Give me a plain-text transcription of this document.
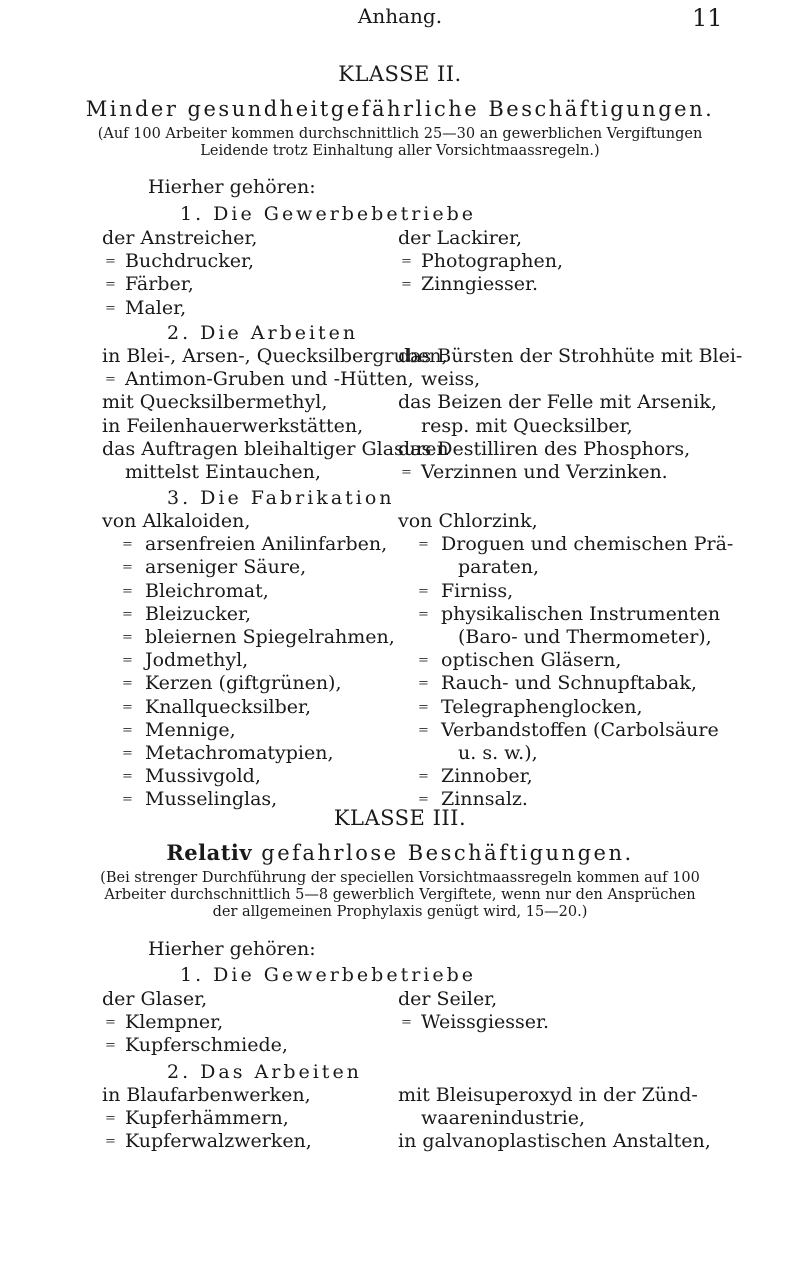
Anhang.	11
KLASSE II.
Minder gesundheitgefährliche Beschäftigungen.
(Auf 100 Arbeiter kommen durchschnittlich 25—30 an gewerblichen Vergiftungen
Leidende trotz Einhaltung aller Vorsichtmaassregeln.)
Hierher gehören:
1. Die Gewerbebetriebe
der Anstreicher,
= Buchdrucker,
= Färber,
= Maler,
der Lackirer,
= Photographen,
= Zinngiesser.
2. Die Arbeiten
in Blei-, Arsen-, Quecksilbergruben,
= Antimon-Gruben und -Hütten,
mit Quecksilbermethyl,
in Feilenhauerwerkstätten,
das Auftragen bleihaltiger Glasuren
mittelst Eintauchen,
das Bürsten der Strohhüte mit Blei-
weiss,
das Beizen der Felle mit Arsenik,
resp. mit Quecksilber,
das Destilliren des Phosphors,
= Verzinnen und Verzinken.
3. Die Fabrikation
von Alkaloiden,
= arsenfreien Anilinfarben,
= arseniger Säure,
= Bleichromat,
= Bleizucker,
= bleiernen Spiegelrahmen,
= Jodmethyl,
= Kerzen (giftgrünen),
= Knallquecksilber,
= Mennige,
= Metachromatypien,
= Mussivgold,
= Musselinglas,
von Chlorzink,
= Droguen und chemischen Prä-
paraten,
= Firniss,
= physikalischen Instrumenten
(Baro- und Thermometer),
= optischen Gläsern,
= Rauch- und Schnupftabak,
= Telegraphenglocken,
= Verbandstoffen (Carbolsäure
u. s. w.),
= Zinnober,
= Zinnsalz.
KLASSE III.
Relativ gefahrlose Beschäftigungen.
(Bei strenger Durchführung der speciellen Vorsichtmaassregeln kommen auf 100
Arbeiter durchschnittlich 5—8 gewerblich Vergiftete, wenn nur den Ansprüchen
der allgemeinen Prophylaxis genügt wird, 15—20.)
Hierher gehören:
1. Die Gewerbebetriebe
der Glaser,
= Klempner,
= Kupferschmiede,
der Seiler,
= Weissgiesser.
2. Das Arbeiten
in Blaufarbenwerken,
= Kupferhämmern,
= Kupferwalzwerken,
mit Bleisuperoxyd in der Zünd-
waarenindustrie,
in galvanoplastischen Anstalten,
